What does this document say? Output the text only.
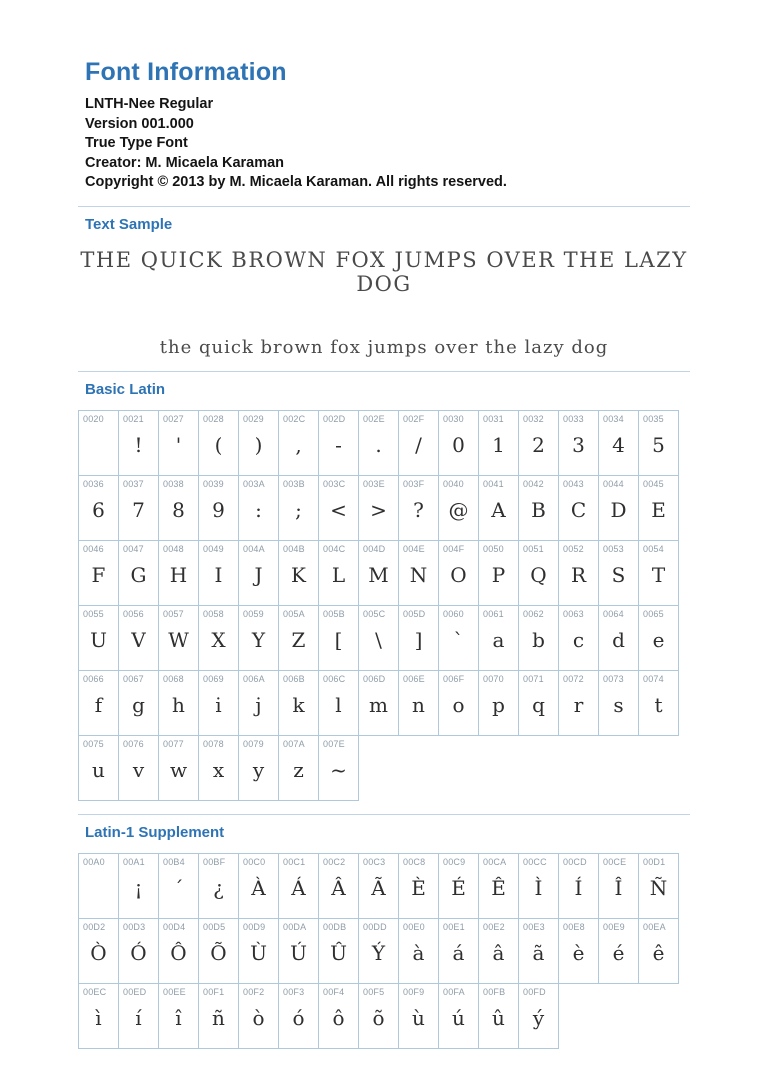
Font Information
LNTH-Nee Regular
Version 001.000
True Type Font
Creator: M. Micaela Karaman
Copyright © 2013 by M. Micaela Karaman. All rights reserved.
Text Sample
THE QUICK BROWN FOX JUMPS OVER THE LAZY DOG
the quick brown fox jumps over the lazy dog
Basic Latin
0020
	0021
!
0027
'
0028
(
0029
)
002C
,
002D
-
002E
.
002F
/
0030
0
0031
1
0032
2
0033
3
0034
4
0035
5
0036
6
0037
7
0038
8
0039
9
003A
:
003B
;
003C
<
003E
>
003F
?
0040
@
0041
A
0042
B
0043
C
0044
D
0045
E
0046
F
0047
G
0048
H
0049
I
004A
J
004B
K
004C
L
004D
M
004E
N
004F
O
0050
P
0051
Q
0052
R
0053
S
0054
T
0055
U
0056
V
0057
W
0058
X
0059
Y
005A
Z
005B
[
005C
\
005D
]
0060
`
0061
a
0062
b
0063
c
0064
d
0065
e
0066
f
0067
g
0068
h
0069
i
006A
j
006B
k
006C
l
006D
m
006E
n
006F
o
0070
p
0071
q
0072
r
0073
s
0074
t
0075
u
0076
v
0077
w
0078
x
0079
y
007A
z
007E
~
Latin-1 Supplement
00A0
	00A1
¡
00B4
´
00BF
¿
00C0
À
00C1
Á
00C2
Â
00C3
Ã
00C8
È
00C9
É
00CA
Ê
00CC
Ì
00CD
Í
00CE
Î
00D1
Ñ
00D2
Ò
00D3
Ó
00D4
Ô
00D5
Õ
00D9
Ù
00DA
Ú
00DB
Û
00DD
Ý
00E0
à
00E1
á
00E2
â
00E3
ã
00E8
è
00E9
é
00EA
ê
00EC
ì
00ED
í
00EE
î
00F1
ñ
00F2
ò
00F3
ó
00F4
ô
00F5
õ
00F9
ù
00FA
ú
00FB
û
00FD
ý
